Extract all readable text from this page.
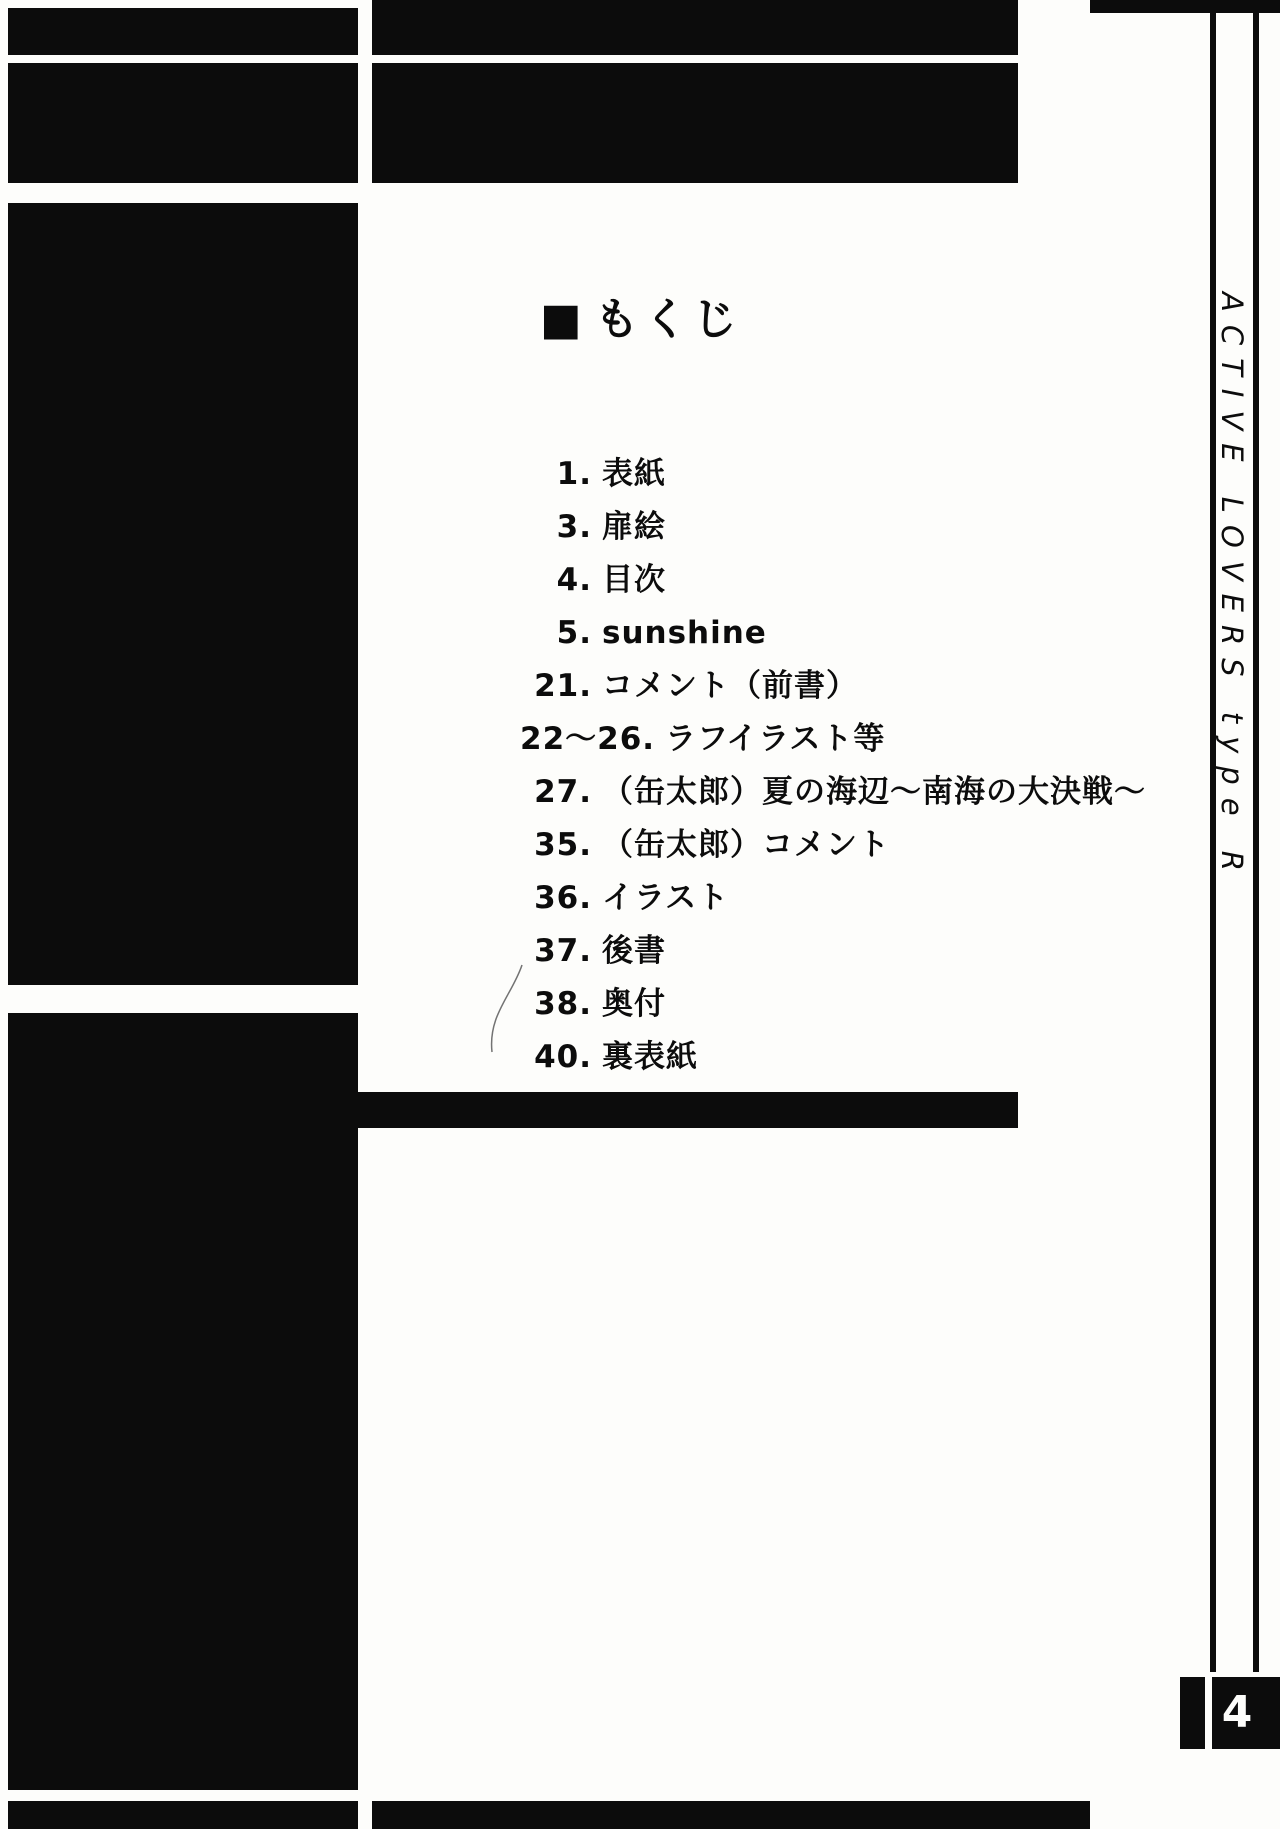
■ もくじ
1. 表紙
3. 扉絵
4. 目次
5. sunshine
21. コメント（前書）
22～26. ラフイラスト等
27. （缶太郎）夏の海辺～南海の大決戦～
35. （缶太郎）コメント
36. イラスト
37. 後書
38. 奥付
40. 裏表紙
ACTIVE LOVERS type R
4
